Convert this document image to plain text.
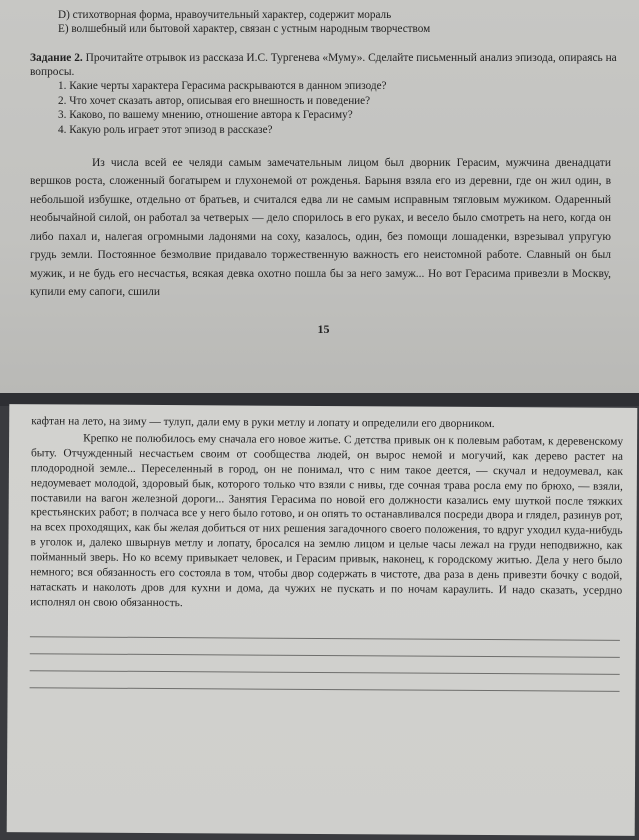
D) стихотворная форма, нравоучительный характер, содержит мораль
E) волшебный или бытовой характер, связан с устным народным творчеством
Задание 2. Прочитайте отрывок из рассказа И.С. Тургенева «Муму». Сделайте письменный анализ эпизода, опираясь на вопросы.
1. Какие черты характера Герасима раскрываются в данном эпизоде?
2. Что хочет сказать автор, описывая его внешность и поведение?
3. Каково, по вашему мнению, отношение автора к Герасиму?
4. Какую роль играет этот эпизод в рассказе?
Из числа всей ее челяди самым замечательным лицом был дворник Герасим, мужчина двенадцати вершков роста, сложенный богатырем и глухонемой от рожденья. Барыня взяла его из деревни, где он жил один, в небольшой избушке, отдельно от братьев, и считался едва ли не самым исправным тягловым мужиком. Одаренный необычайной силой, он работал за четверых — дело спорилось в его руках, и весело было смотреть на него, когда он либо пахал и, налегая огромными ладонями на соху, казалось, один, без помощи лошаденки, взрезывал упругую грудь земли. Постоянное безмолвие придавало торжественную важность его неистомной работе. Славный он был мужик, и не будь его несчастья, всякая девка охотно пошла бы за него замуж... Но вот Герасима привезли в Москву, купили ему сапоги, сшили
15
кафтан на лето, на зиму — тулуп, дали ему в руки метлу и лопату и определили его дворником.
Крепко не полюбилось ему сначала его новое житье. С детства привык он к полевым работам, к деревенскому быту. Отчужденный несчастьем своим от сообщества людей, он вырос немой и могучий, как дерево растет на плодородной земле... Переселенный в город, он не понимал, что с ним такое деется, — скучал и недоумевал, как недоумевает молодой, здоровый бык, которого только что взяли с нивы, где сочная трава росла ему по брюхо, — взяли, поставили на вагон железной дороги... Занятия Герасима по новой его должности казались ему шуткой после тяжких крестьянских работ; в полчаса все у него было готово, и он опять то останавливался посреди двора и глядел, разинув рот, на всех проходящих, как бы желая добиться от них решения загадочного своего положения, то вдруг уходил куда-нибудь в уголок и, далеко швырнув метлу и лопату, бросался на землю лицом и целые часы лежал на груди неподвижно, как пойманный зверь. Но ко всему привыкает человек, и Герасим привык, наконец, к городскому житью. Дела у него было немного; вся обязанность его состояла в том, чтобы двор содержать в чистоте, два раза в день привезти бочку с водой, натаскать и наколоть дров для кухни и дома, да чужих не пускать и по ночам караулить. И надо сказать, усердно исполнял он свою обязанность.
